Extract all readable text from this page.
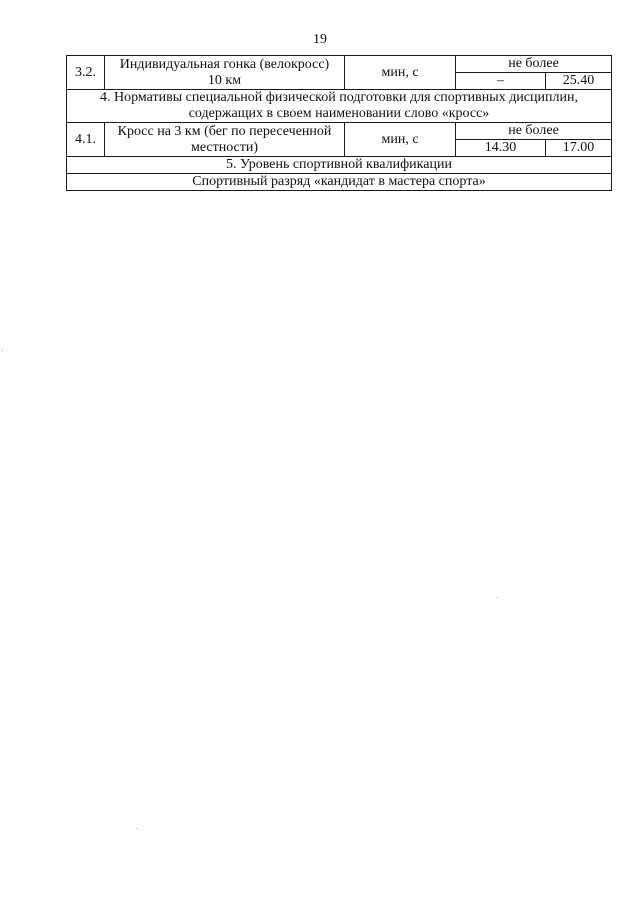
19
3.2.	Индивидуальная гонка (велокросс)
10 км	мин, с	не более	
			–	25.40

4. Нормативы специальной физической подготовки для спортивных дисциплин,
содержащих в своем наименовании слово «кросс»				

4.1.	Кросс на 3 км (бег по пересеченной
местности)	мин, с	не более	
			14.30	17.00
5. Уровень спортивной квалификации				
Спортивный разряд «кандидат в мастера спорта»				
